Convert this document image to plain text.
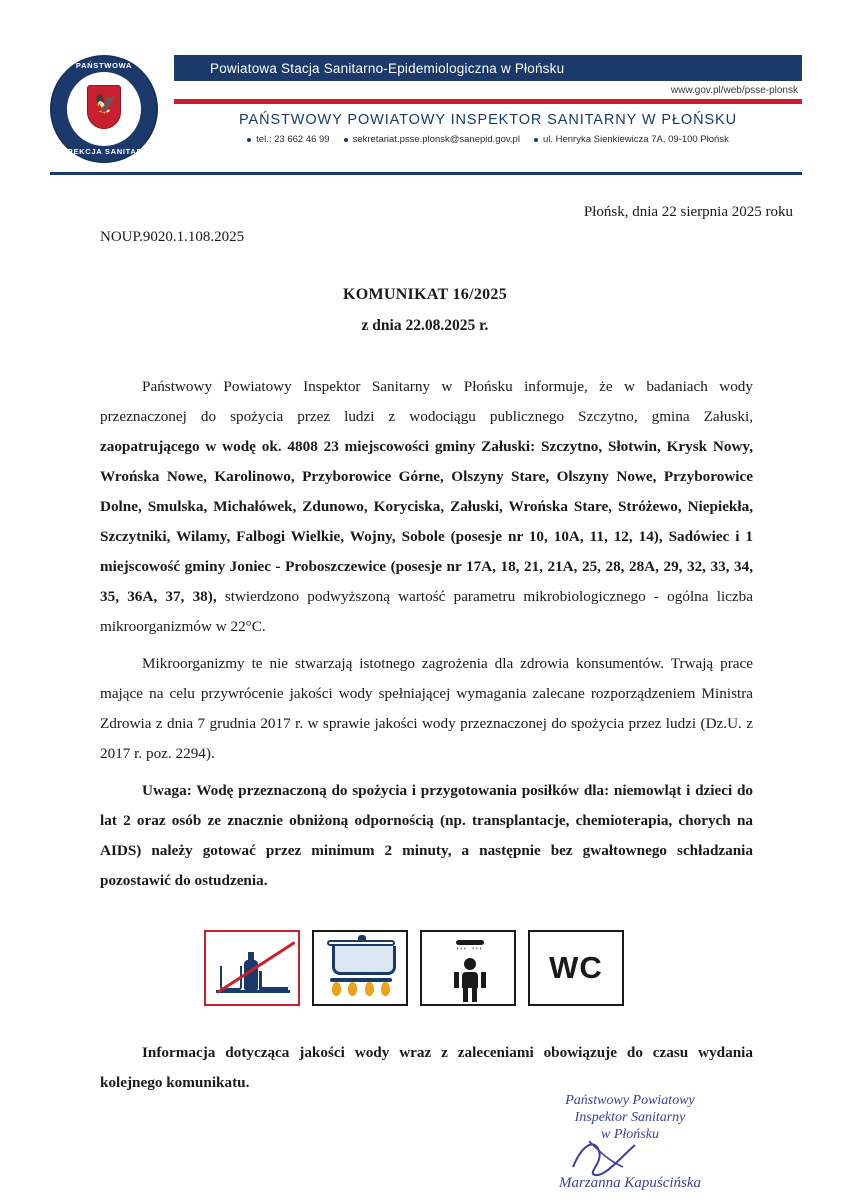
PAŃSTWOWA
🦅
INSPEKCJA SANITARNA
Powiatowa Stacja Sanitarno-Epidemiologiczna w Płońsku
www.gov.pl/web/psse-plonsk
PAŃSTWOWY POWIATOWY INSPEKTOR SANITARNY W PŁOŃSKU
tel.: 23 662 46 99 sekretariat.psse.plonsk@sanepid.gov.pl ul. Henryka Sienkiewicza 7A, 09-100 Płońsk
Płońsk, dnia 22 sierpnia 2025 roku
NOUP.9020.1.108.2025
KOMUNIKAT 16/2025
z dnia 22.08.2025 r.

Państwowy Powiatowy Inspektor Sanitarny w Płońsku informuje, że w badaniach wody przeznaczonej do spożycia przez ludzi z wodociągu publicznego Szczytno, gmina Załuski, zaopatrującego w wodę ok. 4808 23 miejscowości gminy Załuski: Szczytno, Słotwin, Krysk Nowy, Wrońska Nowe, Karolinowo, Przyborowice Górne, Olszyny Stare, Olszyny Nowe, Przyborowice Dolne, Smulska, Michałówek, Zdunowo, Koryciska, Załuski, Wrońska Stare, Stróżewo, Niepiekła, Szczytniki, Wilamy, Falbogi Wielkie, Wojny, Sobole (posesje nr 10, 10A, 11, 12, 14), Sadówiec i 1 miejscowość gminy Joniec - Proboszczewice (posesje nr 17A, 18, 21, 21A, 25, 28, 28A, 29, 32, 33, 34, 35, 36A, 37, 38), stwierdzono podwyższoną wartość parametru mikrobiologicznego - ogólna liczba mikroorganizmów w 22°C.

Mikroorganizmy te nie stwarzają istotnego zagrożenia dla zdrowia konsumentów. Trwają prace mające na celu przywrócenie jakości wody spełniającej wymagania zalecane rozporządzeniem Ministra Zdrowia z dnia 7 grudnia 2017 r. w sprawie jakości wody przeznaczonej do spożycia przez ludzi (Dz.U. z 2017 r. poz. 2294).

Uwaga: Wodę przeznaczoną do spożycia i przygotowania posiłków dla: niemowląt i dzieci do lat 2 oraz osób ze znacznie obniżoną odpornością (np. transplantacje, chemioterapia, chorych na AIDS) należy gotować przez minimum 2 minuty, a następnie bez gwałtownego schładzania pozostawić do ostudzenia.

''' '''	WC

Informacja dotycząca jakości wody wraz z zaleceniami obowiązuje do czasu wydania kolejnego komunikatu.

Państwowy Powiatowy
Inspektor Sanitarny
w Płońsku
Marzanna Kapuścińska
